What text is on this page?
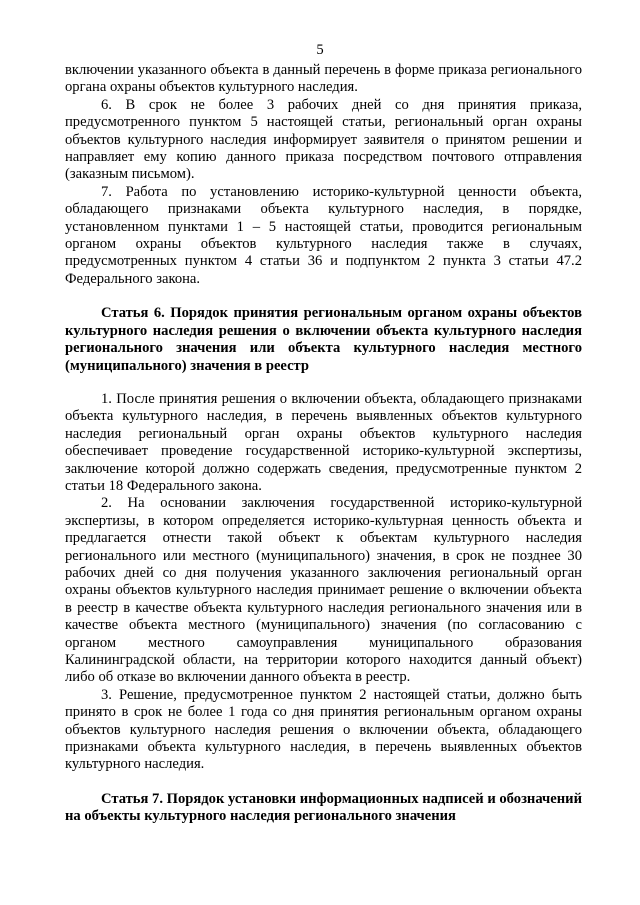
5

включении указанного объекта в данный перечень в форме приказа регионального органа охраны объектов культурного наследия.

6. В срок не более 3 рабочих дней со дня принятия приказа, предусмотренного пунктом 5 настоящей статьи, региональный орган охраны объектов культурного наследия информирует заявителя о принятом решении и направляет ему копию данного приказа посредством почтового отправления (заказным письмом).

7. Работа по установлению историко-культурной ценности объекта, обладающего признаками объекта культурного наследия, в порядке, установленном пунктами 1 – 5 настоящей статьи, проводится региональным органом охраны объектов культурного наследия также в случаях, предусмотренных пунктом 4 статьи 36 и подпунктом 2 пункта 3 статьи 47.2 Федерального закона.

Статья 6. Порядок принятия региональным органом охраны объектов культурного наследия решения о включении объекта культурного наследия регионального значения или объекта культурного наследия местного (муниципального) значения в реестр

1. После принятия решения о включении объекта, обладающего признаками объекта культурного наследия, в перечень выявленных объектов культурного наследия региональный орган охраны объектов культурного наследия обеспечивает проведение государственной историко-культурной экспертизы, заключение которой должно содержать сведения, предусмотренные пунктом 2 статьи 18 Федерального закона.

2. На основании заключения государственной историко-культурной экспертизы, в котором определяется историко-культурная ценность объекта и предлагается отнести такой объект к объектам культурного наследия регионального или местного (муниципального) значения, в срок не позднее 30 рабочих дней со дня получения указанного заключения региональный орган охраны объектов культурного наследия принимает решение о включении объекта в реестр в качестве объекта культурного наследия регионального значения или в качестве объекта местного (муниципального) значения (по согласованию с органом местного самоуправления муниципального образования Калининградской области, на территории которого находится данный объект) либо об отказе во включении данного объекта в реестр.

3. Решение, предусмотренное пунктом 2 настоящей статьи, должно быть принято в срок не более 1 года со дня принятия региональным органом охраны объектов культурного наследия решения о включении объекта, обладающего признаками объекта культурного наследия, в перечень выявленных объектов культурного наследия.

Статья 7. Порядок установки информационных надписей и обозначений на объекты культурного наследия регионального значения
